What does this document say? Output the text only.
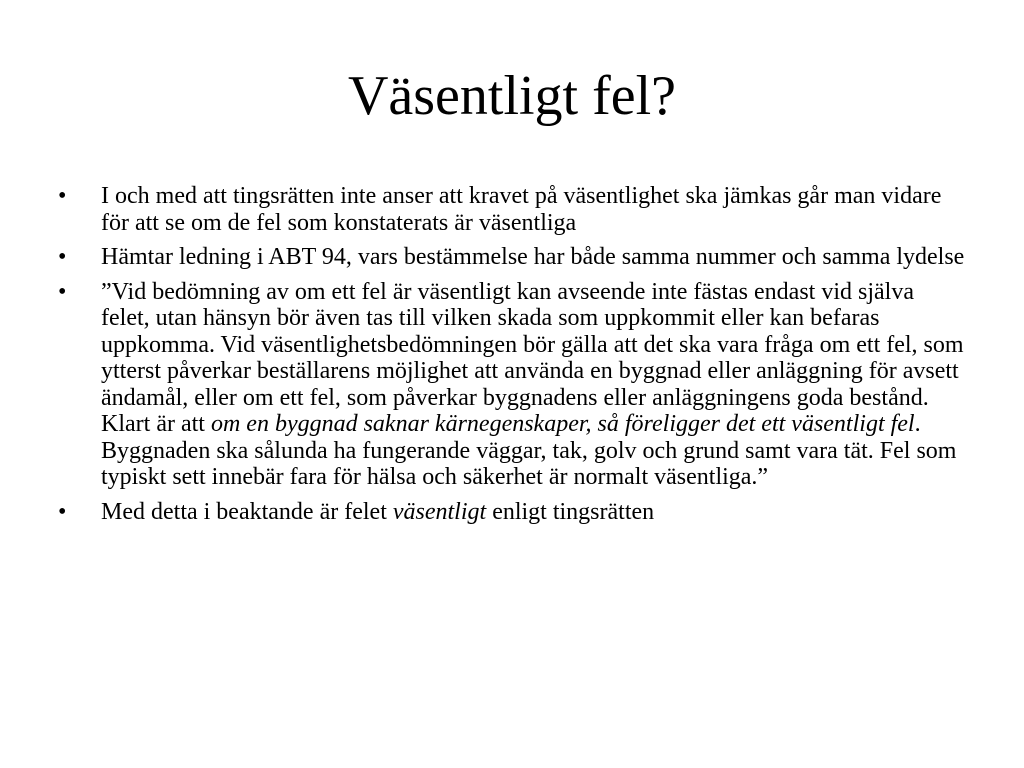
Väsentligt fel?
•	I och med att tingsrätten inte anser att kravet på väsentlighet ska jämkas går man vidare för att se om de fel som konstaterats är väsentliga
•	Hämtar ledning i ABT 94, vars bestämmelse har både samma nummer och samma lydelse
•	”Vid bedömning av om ett fel är väsentligt kan avseende inte fästas endast vid själva felet, utan hänsyn bör även tas till vilken skada som uppkommit eller kan befaras uppkomma. Vid väsentlighetsbedömningen bör gälla att det ska vara fråga om ett fel, som ytterst påverkar beställarens möjlighet att använda en byggnad eller anläggning för avsett ändamål, eller om ett fel, som påverkar byggnadens eller anläggningens goda bestånd. Klart är att om en byggnad saknar kärnegenskaper, så föreligger det ett väsentligt fel. Byggnaden ska sålunda ha fungerande väggar, tak, golv och grund samt vara tät. Fel som typiskt sett innebär fara för hälsa och säkerhet är normalt väsentliga.”
•	Med detta i beaktande är felet väsentligt enligt tingsrätten
